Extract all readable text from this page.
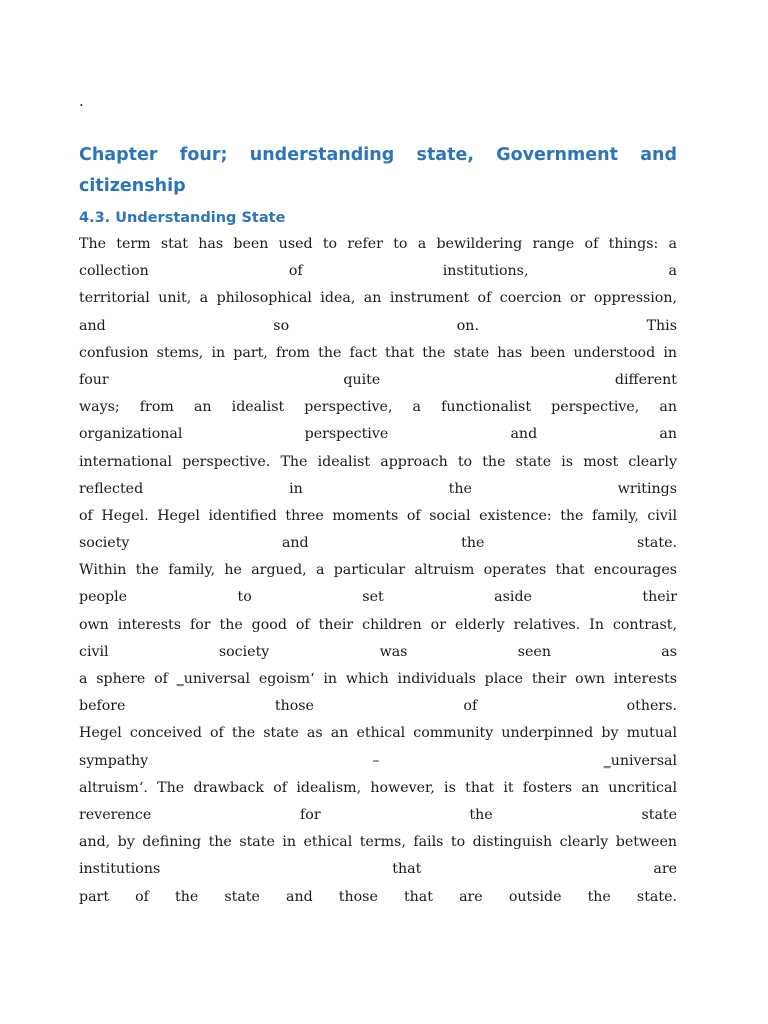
.

Chapter four; understanding state, Government and citizenship
4.3. Understanding State
The term stat has been used to refer to a bewildering range of things: a
collection of institutions, a
territorial unit, a philosophical idea, an instrument of coercion or oppression,
and so on. This
confusion stems, in part, from the fact that the state has been understood in
four quite different
ways; from an idealist perspective, a functionalist perspective, an
organizational perspective and an
international perspective. The idealist approach to the state is most clearly
reflected in the writings
of Hegel. Hegel identified three moments of social existence: the family, civil
society and the state.
Within the family, he argued, a particular altruism operates that encourages
people to set aside their
own interests for the good of their children or elderly relatives. In contrast,
civil society was seen as
a sphere of ‗universal egoism‘ in which individuals place their own interests
before those of others.
Hegel conceived of the state as an ethical community underpinned by mutual
sympathy – ‗universal
altruism‘. The drawback of idealism, however, is that it fosters an uncritical
reverence for the state
and, by defining the state in ethical terms, fails to distinguish clearly between
institutions that are
part of the state and those that are outside the state.
